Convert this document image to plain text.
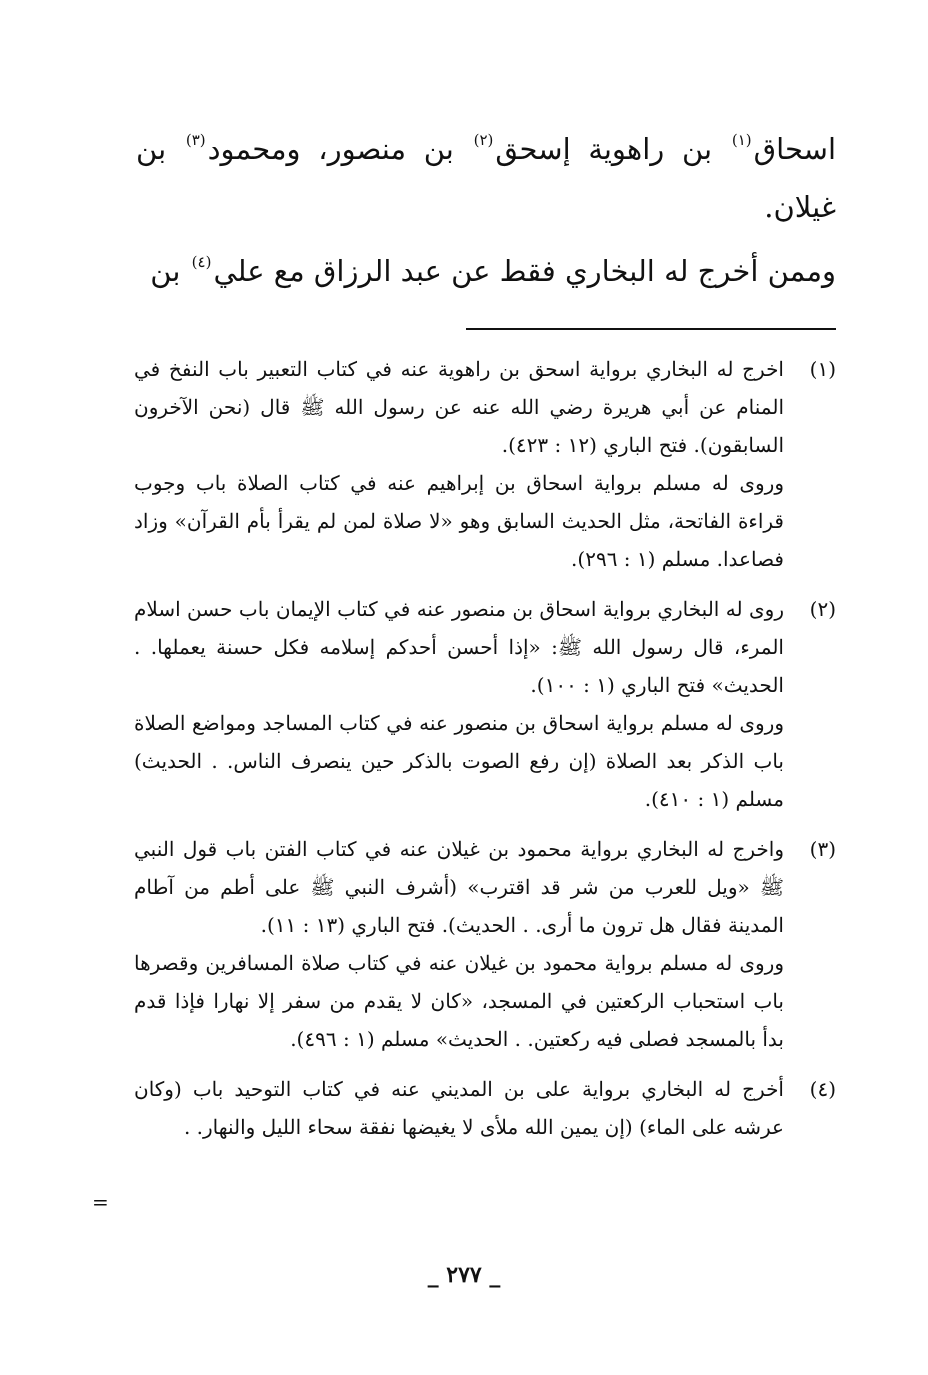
اسحاق$^{(١)}$ بن راهوية إسحق$^{(٢)}$ بن منصور، ومحمود$^{(٣)}$ بن غيلان.

وممن أخرج له البخاري فقط عن عبد الرزاق مع علي$^{(٤)}$ بن

(١)

اخرج له البخاري برواية اسحق بن راهوية عنه في كتاب التعبير باب النفخ في المنام عن أبي هريرة رضي الله عنه عن رسول الله ﷺ قال (نحن الآخرون السابقون). فتح الباري (١٢ : ٤٢٣).

وروى له مسلم برواية اسحاق بن إبراهيم عنه في كتاب الصلاة باب وجوب قراءة الفاتحة، مثل الحديث السابق وهو «لا صلاة لمن لم يقرأ بأم القرآن» وزاد فصاعدا. مسلم (١ : ٢٩٦).

(٢)

روى له البخاري برواية اسحاق بن منصور عنه في كتاب الإيمان باب حسن اسلام المرء، قال رسول الله ﷺ: «إذا أحسن أحدكم إسلامه فكل حسنة يعملها. . الحديث» فتح الباري (١ : ١٠٠).

وروى له مسلم برواية اسحاق بن منصور عنه في كتاب المساجد ومواضع الصلاة باب الذكر بعد الصلاة (إن رفع الصوت بالذكر حين ينصرف الناس. . الحديث) مسلم (١ : ٤١٠).

(٣)

واخرج له البخاري برواية محمود بن غيلان عنه في كتاب الفتن باب قول النبي ﷺ «ويل للعرب من شر قد اقترب» (أشرف النبي ﷺ على أطم من آطام المدينة فقال هل ترون ما أرى. . الحديث). فتح الباري (١٣ : ١١).

وروى له مسلم برواية محمود بن غيلان عنه في كتاب صلاة المسافرين وقصرها باب استحباب الركعتين في المسجد، «كان لا يقدم من سفر إلا نهارا فإذا قدم بدأ بالمسجد فصلى فيه ركعتين. . الحديث» مسلم (١ : ٤٩٦).

(٤)

أخرج له البخاري برواية على بن المديني عنه في كتاب التوحيد باب (وكان عرشه على الماء) (إن يمين الله ملأى لا يغيضها نفقة سحاء الليل والنهار. .

=
_ ٢٧٧ _
